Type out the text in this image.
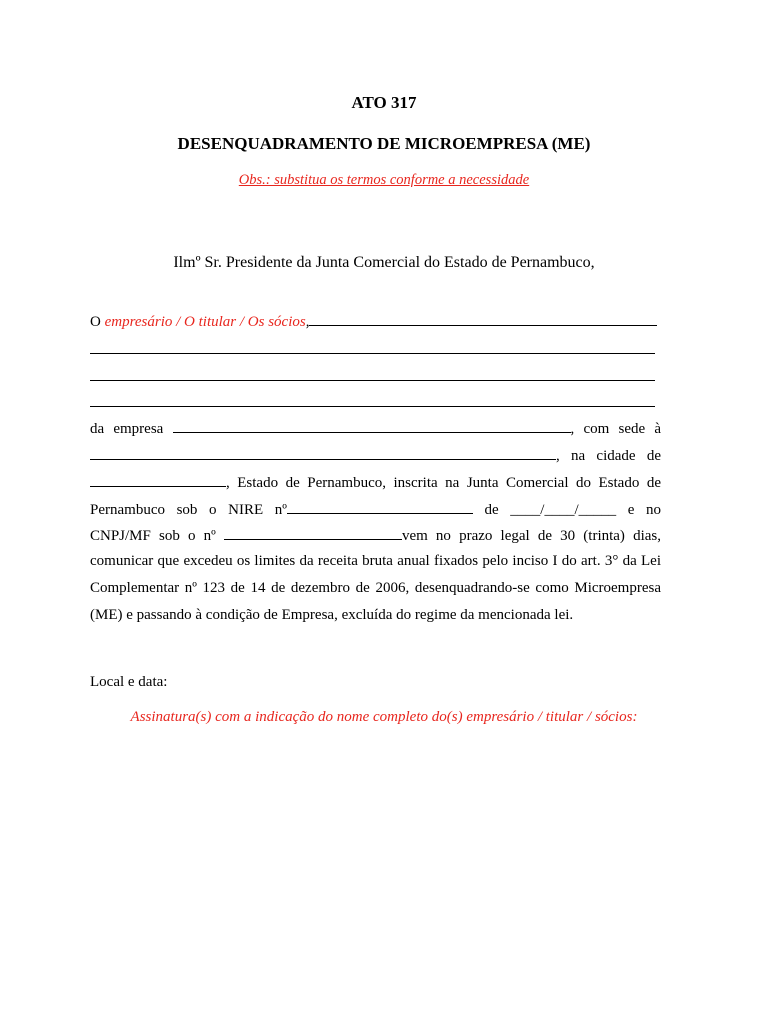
ATO 317
DESENQUADRAMENTO DE MICROEMPRESA (ME)
Obs.: substitua os termos conforme a necessidade
Ilmº Sr. Presidente da Junta Comercial do Estado de Pernambuco,
O empresário / O titular / Os sócios,
da empresa	, com sede à
, na cidade de
, Estado de Pernambuco, inscrita na Junta Comercial do Estado de
Pernambuco sob o NIRE nº	de ____/____/_____ e no
CNPJ/MF sob o nº	vem no prazo legal de 30 (trinta) dias,
comunicar que excedeu os limites da receita bruta anual fixados pelo inciso I do art. 3° da Lei
Complementar nº 123 de 14 de dezembro de 2006, desenquadrando-se como Microempresa
(ME) e passando à condição de Empresa, excluída do regime da mencionada lei.
Local e data:
Assinatura(s) com a indicação do nome completo do(s) empresário / titular / sócios:
